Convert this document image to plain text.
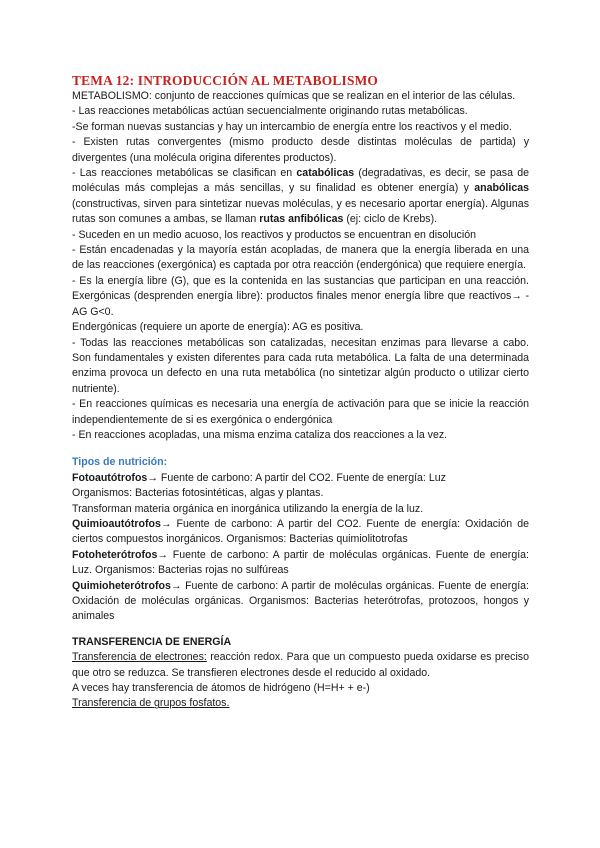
TEMA 12: INTRODUCCIÓN AL METABOLISMO

METABOLISMO: conjunto de reacciones químicas que se realizan en el interior de las células.

- Las reacciones metabólicas actúan secuencialmente originando rutas metabólicas.

-Se forman nuevas sustancias y hay un intercambio de energía entre los reactivos y el medio.

- Existen rutas convergentes (mismo producto desde distintas moléculas de partida) y divergentes (una molécula origina diferentes productos).

- Las reacciones metabólicas se clasifican en catabólicas (degradativas, es decir, se pasa de moléculas más complejas a más sencillas, y su finalidad es obtener energía) y anabólicas (constructivas, sirven para sintetizar nuevas moléculas, y es necesario aportar energía). Algunas rutas son comunes a ambas, se llaman rutas anfibólicas (ej: ciclo de Krebs).

- Suceden en un medio acuoso, los reactivos y productos se encuentran en disolución

- Están encadenadas y la mayoría están acopladas, de manera que la energía liberada en una de las reacciones (exergónica) es captada por otra reacción (endergónica) que requiere energía.

- Es la energía libre (G), que es la contenida en las sustancias que participan en una reacción. Exergónicas (desprenden energía libre): productos finales menor energía libre que reactivos→ -AG G<0.

Endergónicas (requiere un aporte de energía): AG es positiva.

- Todas las reacciones metabólicas son catalizadas, necesitan enzimas para llevarse a cabo. Son fundamentales y existen diferentes para cada ruta metabólica. La falta de una determinada enzima provoca un defecto en una ruta metabólica (no sintetizar algún producto o utilizar cierto nutriente).

- En reacciones químicas es necesaria una energía de activación para que se inicie la reacción independientemente de si es exergónica o endergónica

- En reacciones acopladas, una misma enzima cataliza dos reacciones a la vez.

Tipos de nutrición:

Fotoautótrofos→ Fuente de carbono: A partir del CO2. Fuente de energía: Luz

Organismos: Bacterias fotosintéticas, algas y plantas.

Transforman materia orgánica en inorgánica utilizando la energía de la luz.

Quimioautótrofos→ Fuente de carbono: A partir del CO2. Fuente de energía: Oxidación de ciertos compuestos inorgánicos. Organismos: Bacterias quimiolitotrofas

Fotoheterótrofos→ Fuente de carbono: A partir de moléculas orgánicas. Fuente de energía: Luz. Organismos: Bacterias rojas no sulfúreas

Quimioheterótrofos→ Fuente de carbono: A partir de moléculas orgánicas. Fuente de energía: Oxidación de moléculas orgánicas. Organismos: Bacterias heterótrofas, protozoos, hongos y animales

TRANSFERENCIA DE ENERGÍA

Transferencia de electrones: reacción redox. Para que un compuesto pueda oxidarse es preciso que otro se reduzca. Se transfieren electrones desde el reducido al oxidado.

A veces hay transferencia de átomos de hidrógeno (H=H+ + e-)

Transferencia de grupos fosfatos.
